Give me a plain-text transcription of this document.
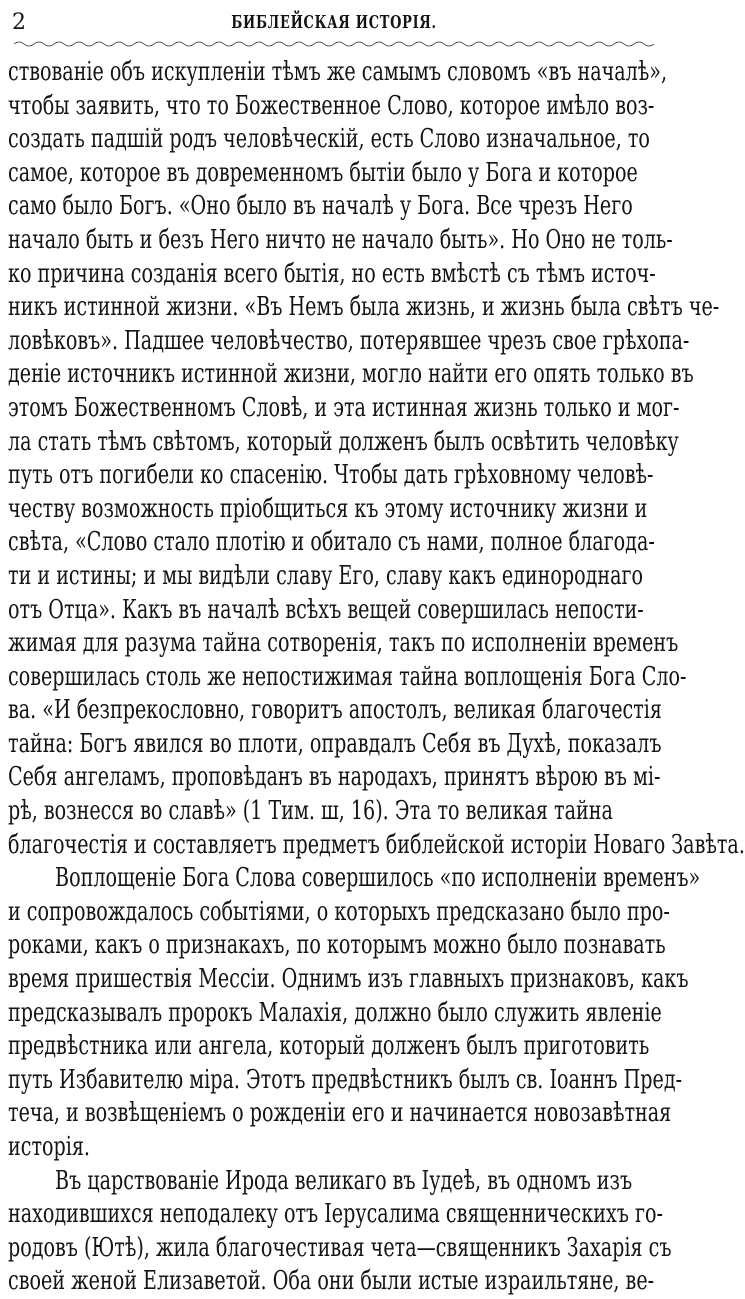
2	БИБЛЕЙСКАЯ ИСТОРІЯ.
ствованіе объ искупленіи тѣмъ же самымъ словомъ «въ началѣ»,
чтобы заявить, что то Божественное Слово, которое имѣло воз-
создать падшій родъ человѣческій, есть Слово изначальное, то
самое, которое въ довременномъ бытіи было у Бога и которое
само было Богъ. «Оно было въ началѣ у Бога. Все чрезъ Него
начало быть и безъ Него ничто не начало быть». Но Оно не толь-
ко причина созданія всего бытія, но есть вмѣстѣ съ тѣмъ источ-
никъ истинной жизни. «Въ Немъ была жизнь, и жизнь была свѣтъ че-
ловѣковъ». Падшее человѣчество, потерявшее чрезъ свое грѣхопа-
деніе источникъ истинной жизни, могло найти его опять только въ
этомъ Божественномъ Словѣ, и эта истинная жизнь только и мог-
ла стать тѣмъ свѣтомъ, который долженъ былъ освѣтить человѣку
путь отъ погибели ко спасенію. Чтобы дать грѣховному человѣ-
честву возможность пріобщиться къ этому источнику жизни и
свѣта, «Слово стало плотію и обитало съ нами, полное благода-
ти и истины; и мы видѣли славу Его, славу какъ единороднаго
отъ Отца». Какъ въ началѣ всѣхъ вещей совершилась непости-
жимая для разума тайна сотворенія, такъ по исполненіи временъ
совершилась столь же непостижимая тайна воплощенія Бога Сло-
ва. «И безпрекословно, говоритъ апостолъ, великая благочестія
тайна: Богъ явился во плоти, оправдалъ Себя въ Духѣ, показалъ
Себя ангеламъ, проповѣданъ въ народахъ, принятъ вѣрою въ мі-
рѣ, вознесся во славѣ» (1 Тим. ш, 16). Эта то великая тайна
благочестія и составляетъ предметъ библейской исторіи Новаго Завѣта.
Воплощеніе Бога Слова совершилось «по исполненіи временъ»
и сопровождалось событіями, о которыхъ предсказано было про-
роками, какъ о признакахъ, по которымъ можно было познавать
время пришествія Мессіи. Однимъ изъ главныхъ признаковъ, какъ
предсказывалъ пророкъ Малахія, должно было служить явленіе
предвѣстника или ангела, который долженъ былъ приготовить
путь Избавителю міра. Этотъ предвѣстникъ былъ св. Іоаннъ Пред-
теча, и возвѣщеніемъ о рожденіи его и начинается новозавѣтная
исторія.
Въ царствованіе Ирода великаго въ Іудеѣ, въ одномъ изъ
находившихся неподалеку отъ Іерусалима священническихъ го-
родовъ (Ютѣ), жила благочестивая чета—священникъ Захарія съ
своей женой Елизаветой. Оба они были истые израильтяне, ве-
